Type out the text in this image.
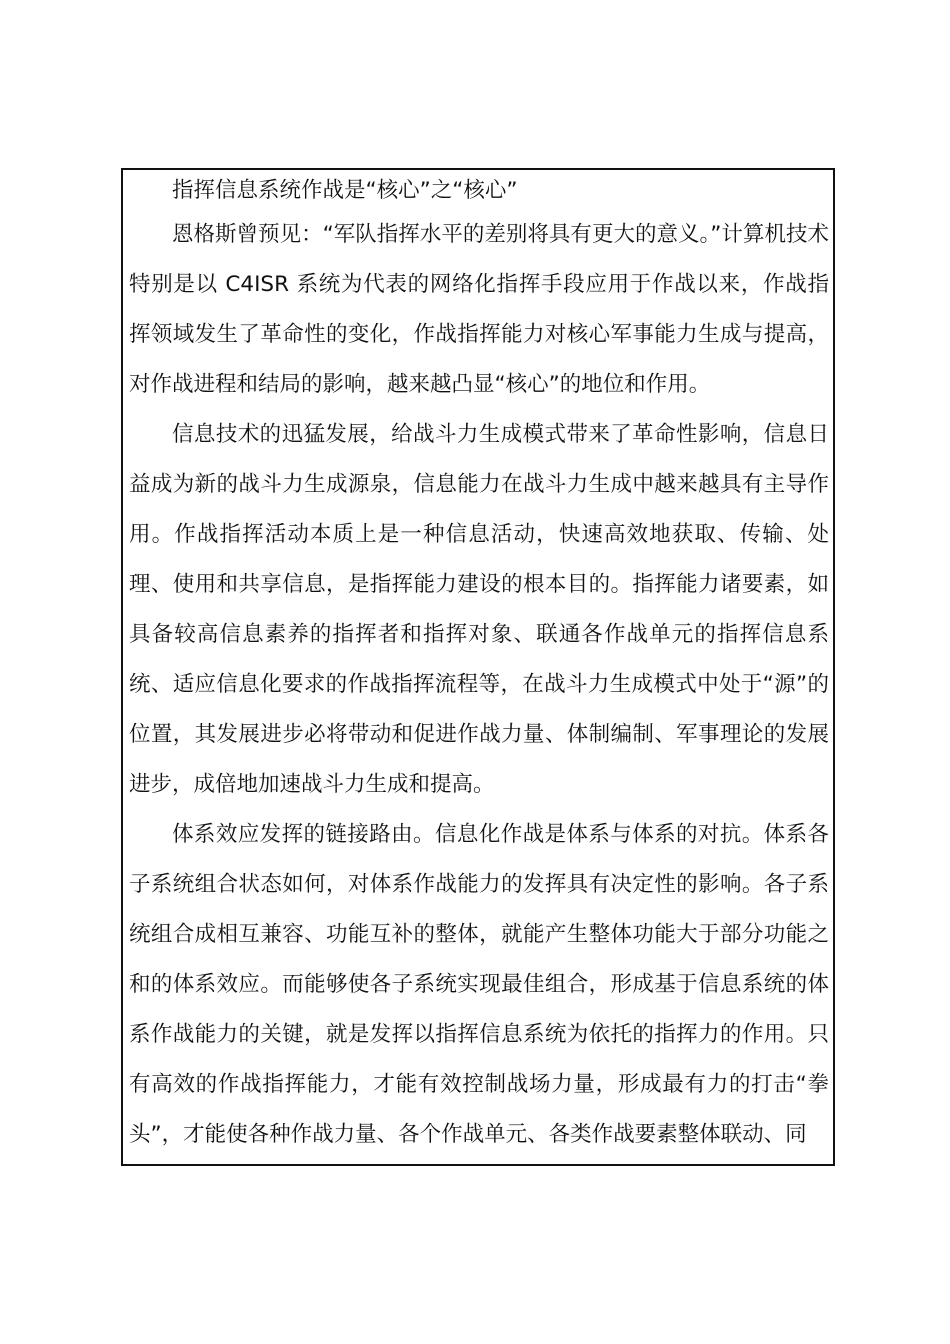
指挥信息系统作战是“核心”之“核心”

恩格斯曾预见：“军队指挥水平的差别将具有更大的意义。”计算机技术特别是以 C4ISR 系统为代表的网络化指挥手段应用于作战以来，作战指挥领域发生了革命性的变化，作战指挥能力对核心军事能力生成与提高，对作战进程和结局的影响，越来越凸显“核心”的地位和作用。

信息技术的迅猛发展，给战斗力生成模式带来了革命性影响，信息日益成为新的战斗力生成源泉，信息能力在战斗力生成中越来越具有主导作用。作战指挥活动本质上是一种信息活动，快速高效地获取、传输、处理、使用和共享信息，是指挥能力建设的根本目的。指挥能力诸要素，如具备较高信息素养的指挥者和指挥对象、联通各作战单元的指挥信息系统、适应信息化要求的作战指挥流程等，在战斗力生成模式中处于“源”的位置，其发展进步必将带动和促进作战力量、体制编制、军事理论的发展进步，成倍地加速战斗力生成和提高。

体系效应发挥的链接路由。信息化作战是体系与体系的对抗。体系各子系统组合状态如何，对体系作战能力的发挥具有决定性的影响。各子系统组合成相互兼容、功能互补的整体，就能产生整体功能大于部分功能之和的体系效应。而能够使各子系统实现最佳组合，形成基于信息系统的体系作战能力的关键，就是发挥以指挥信息系统为依托的指挥力的作用。只有高效的作战指挥能力，才能有效控制战场力量，形成最有力的打击“拳头”，才能使各种作战力量、各个作战单元、各类作战要素整体联动、同
